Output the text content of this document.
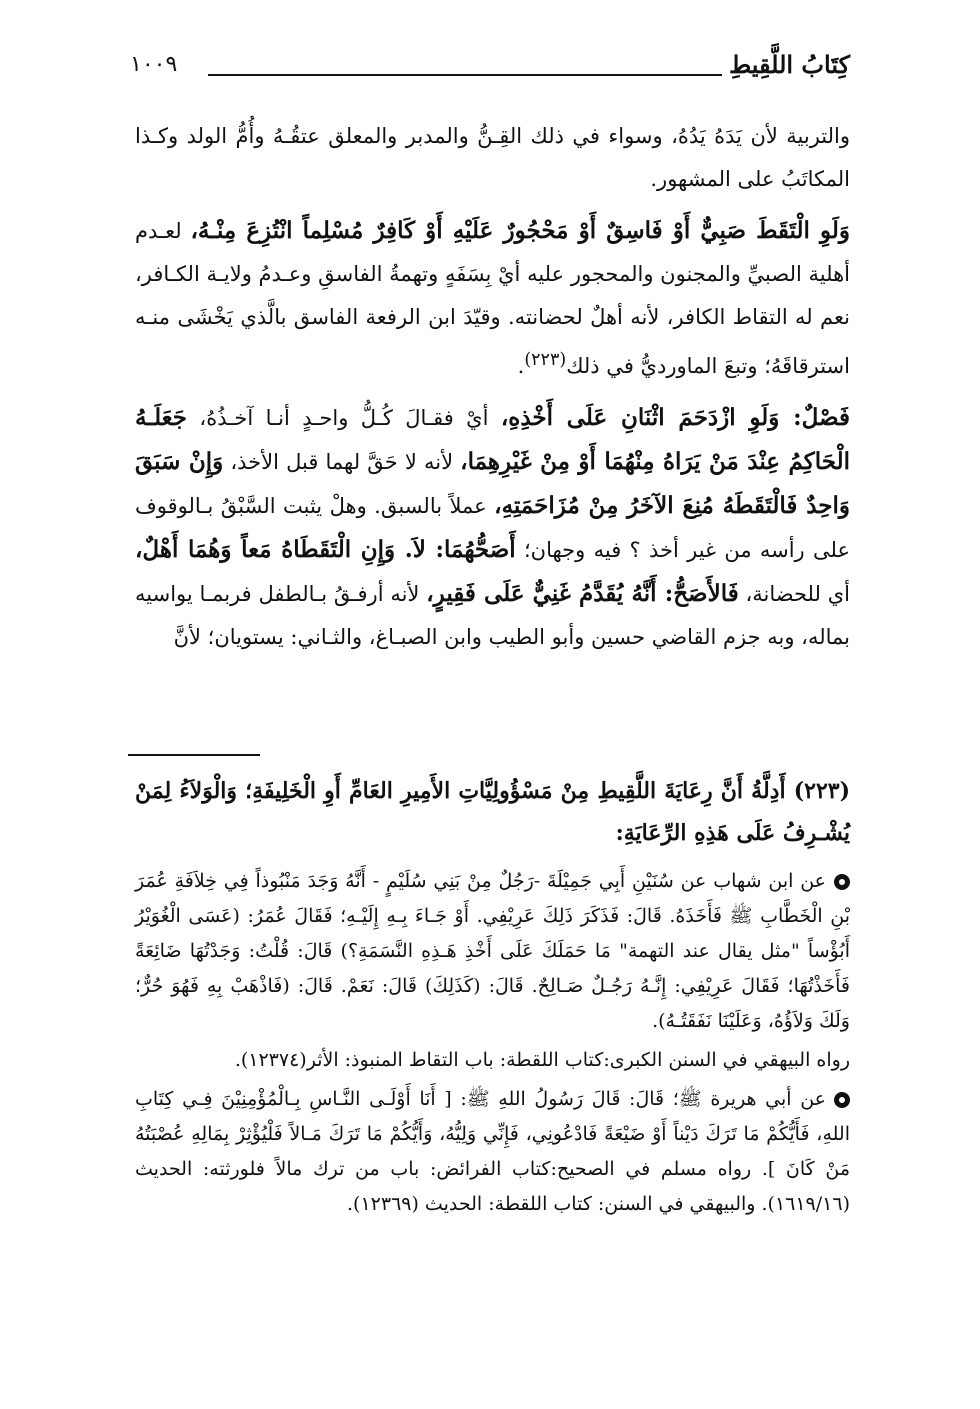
كِتَابُ اللَّقِيطِ
١٠٠٩

والتربية لأن يَدَهُ يَدُهُ، وسواء في ذلك القِـنُّ والمدبر والمعلق عتقُـهُ وأُمُّ الولد وكـذا المكاتَبُ على المشهور.

وَلَوِ الْتَقَطَ صَبِيٌّ أَوْ فَاسِقٌ أَوْ مَحْجُورٌ عَلَيْهِ أَوْ كَافِرٌ مُسْلِماً انْتُزِعَ مِنْـهُ، لعـدم أهلية الصبيِّ والمجنون والمحجور عليه أيْ بِسَفَهٍ وتهمةُ الفاسقِ وعـدمُ ولايـة الكـافر، نعم له التقاط الكافر، لأنه أهلٌ لحضانته. وقيّدَ ابن الرفعة الفاسق بالَّذي يَخْشَى منـه استرقاقَهُ؛ وتبعَ الماورديُّ في ذلك$^{(٢٢٣)}$.

فَصْلٌ: وَلَوِ ازْدَحَمَ اثْنَانِ عَلَى أَخْذِهِ، أيْ فقـالَ كُـلُّ واحـدٍ أنـا آخـذُهُ، جَعَلَـهُ الْحَاكِمُ عِنْدَ مَنْ يَرَاهُ مِنْهُمَا أَوْ مِنْ غَيْرِهِمَا، لأنه لا حَقَّ لهما قبل الأخذ، وَإِنْ سَبَقَ وَاحِدٌ فَالْتَقَطَهُ مُنِعَ الآخَرُ مِنْ مُزَاحَمَتِهِ، عملاً بالسبق. وهلْ يثبت السَّبْقُ بـالوقوف على رأسه من غير أخذ ؟ فيه وجهان؛ أَصَحُّهُمَا: لاَ. وَإِنِ الْتَقَطَاهُ مَعاً وَهُمَا أَهْلٌ، أي للحضانة، فَالأَصَحُّ: أَنَّهُ يُقَدَّمُ غَنِيٌّ عَلَى فَقِيرٍ، لأنه أرفـقُ بـالطفل فربمـا يواسيه بماله، وبه جزم القاضي حسين وأبو الطيب وابن الصبـاغ، والثـاني: يستويان؛ لأنَّ

(٢٢٣) أَدِلَّةُ أَنَّ رِعَايَةَ اللَّقِيطِ مِنْ مَسْؤُولِيَّاتِ الأَمِيرِ العَامِّ أَوِ الْخَلِيفَةِ؛ وَالْوَلاَءُ لِمَنْ يُشْـرِفُ عَلَى هَذِهِ الرِّعَايَةِ:

عن ابن شهاب عن سُنَيْنِ أَبِي جَمِيْلَةَ -رَجُلٌ مِنْ بَنِي سُلَيْمٍ - أَنَّهُ وَجَدَ مَنْبُوذاً فِي خِلاَفَةِ عُمَرَ بْنِ الْخَطَّابِ ﷺ فَأَخَذَهُ. قَالَ: فَذَكَرَ ذَلِكَ عَرِيْفِي. أَوْ جَـاءَ بِـهِ إِلَيْـهِ؛ فَقَالَ عُمَرُ: (عَسَى الْغُوَيْرُ أَبُؤْساً "مثل يقال عند التهمة" مَا حَمَلَكَ عَلَى أَخْذِ هَـذِهِ النَّسَمَةِ؟) قَالَ: قُلْتُ: وَجَدْتُهَا ضَائِعَةً فَأَخَذْتُهَا؛ فَقَالَ عَرِيْفِي: إِنَّـهُ رَجُـلٌ صَـالِحٌ. قَالَ: (كَذَلِكَ) قَالَ: نَعَمْ. قَالَ: (فَاذْهَبْ بِهِ فَهُوَ حُرٌّ؛ وَلَكَ وَلاَؤُهُ، وَعَلَيْنَا نَفَقَتُـهُ).

رواه البيهقي في السنن الكبرى:كتاب اللقطة: باب التقاط المنبوذ: الأثر(١٢٣٧٤).

عن أبي هريرة ﷺ؛ قَالَ: قَالَ رَسُولُ اللهِ ﷺ: [ أَنَا أَوْلَـى النَّـاسِ بِـالْمُؤْمِنِيْنَ فِـي كِتَابِ اللهِ، فَأَيُّكُمْ مَا تَرَكَ دَيْناً أَوْ ضَيْعَةً فَادْعُونِي، فَإِنِّي وَلِيُّهُ، وَأَيُّكُمْ مَا تَرَكَ مَـالاً فَلْيُؤْثِرْ بِمَالِهِ عُصْبَتُهُ مَنْ كَانَ ]. رواه مسلم في الصحيح:كتاب الفرائض: باب من ترك مالاً فلورثته: الحديث (١٦١٩/١٦). والبيهقي في السنن: كتاب اللقطة: الحديث (١٢٣٦٩).
